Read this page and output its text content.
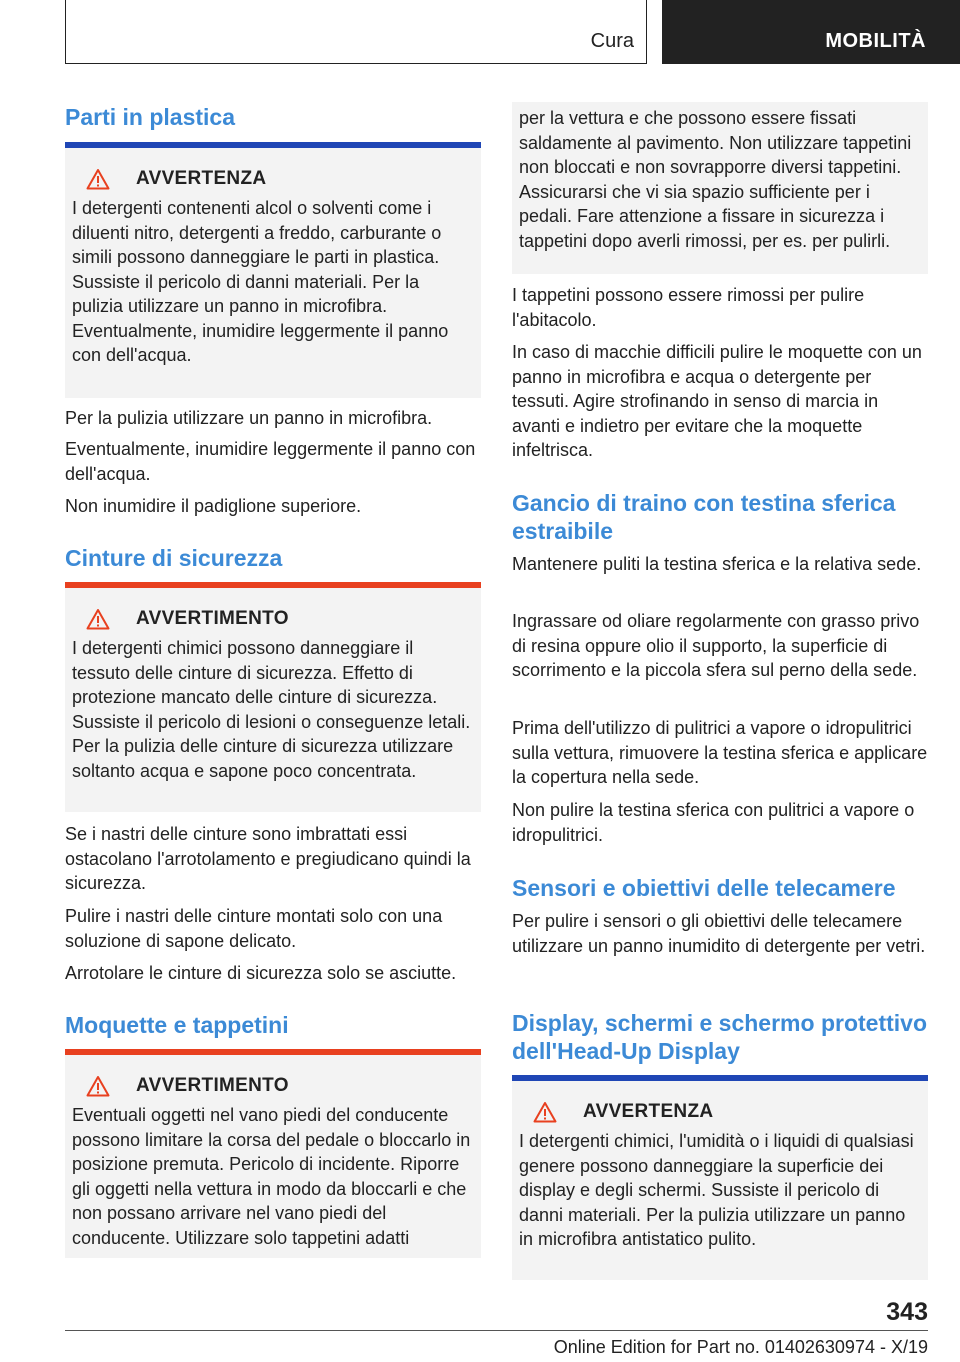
Cura	MOBILITÀ
Parti in plastica
AVVERTENZA
I detergenti contenenti alcol o solventi come i diluenti nitro, detergenti a freddo, carburante o simili possono danneggiare le parti in plastica. Sussiste il pericolo di danni materiali. Per la pulizia utilizzare un panno in microfibra. Eventualmente, inumidire leggermente il panno con dell'acqua.

Per la pulizia utilizzare un panno in microfibra.

Eventualmente, inumidire leggermente il panno con dell'acqua.

Non inumidire il padiglione superiore.

Cinture di sicurezza
AVVERTIMENTO
I detergenti chimici possono danneggiare il tessuto delle cinture di sicurezza. Effetto di protezione mancato delle cinture di sicurezza. Sussiste il pericolo di lesioni o conseguenze letali. Per la pulizia delle cinture di sicurezza utilizzare soltanto acqua e sapone poco concentrata.

Se i nastri delle cinture sono imbrattati essi ostacolano l'arrotolamento e pregiudicano quindi la sicurezza.

Pulire i nastri delle cinture montati solo con una soluzione di sapone delicato.

Arrotolare le cinture di sicurezza solo se asciutte.

Moquette e tappetini
AVVERTIMENTO
Eventuali oggetti nel vano piedi del conducente possono limitare la corsa del pedale o bloccarlo in posizione premuta. Pericolo di incidente. Riporre gli oggetti nella vettura in modo da bloccarli e che non possano arrivare nel vano piedi del conducente. Utilizzare solo tappetini adatti
per la vettura e che possono essere fissati saldamente al pavimento. Non utilizzare tappetini non bloccati e non sovrapporre diversi tappetini. Assicurarsi che vi sia spazio sufficiente per i pedali. Fare attenzione a fissare in sicurezza i tappetini dopo averli rimossi, per es. per pulirli.

I tappetini possono essere rimossi per pulire l'abitacolo.

In caso di macchie difficili pulire le moquette con un panno in microfibra e acqua o detergente per tessuti. Agire strofinando in senso di marcia in avanti e indietro per evitare che la moquette infeltrisca.

Gancio di traino con testina sferica estraibile

Mantenere puliti la testina sferica e la relativa sede.

Ingrassare od oliare regolarmente con grasso privo di resina oppure olio il supporto, la superficie di scorrimento e la piccola sfera sul perno della sede.

Prima dell'utilizzo di pulitrici a vapore o idropulitrici sulla vettura, rimuovere la testina sferica e applicare la copertura nella sede.

Non pulire la testina sferica con pulitrici a vapore o idropulitrici.

Sensori e obiettivi delle telecamere

Per pulire i sensori o gli obiettivi delle telecamere utilizzare un panno inumidito di detergente per vetri.

Display, schermi e schermo protettivo dell'Head-Up Display
AVVERTENZA
I detergenti chimici, l'umidità o i liquidi di qualsiasi genere possono danneggiare la superficie dei display e degli schermi. Sussiste il pericolo di danni materiali. Per la pulizia utilizzare un panno in microfibra antistatico pulito.
343
Online Edition for Part no. 01402630974 - X/19
